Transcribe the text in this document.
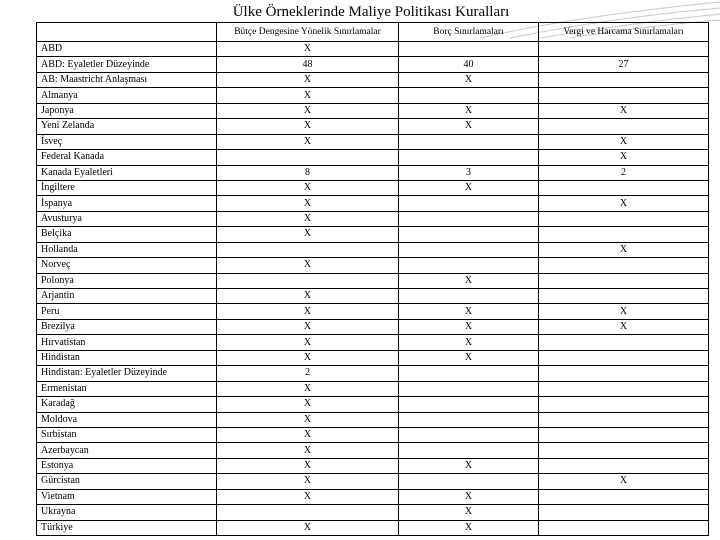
Ülke Örneklerinde Maliye Politikası Kuralları
	Bütçe Dengesine Yönelik Sınırlamalar	Borç Sınırlamaları	Vergi ve Harcama Sınırlamaları
ABD	X		
ABD: Eyaletler Düzeyinde	48	40	27
AB: Maastricht Anlaşması	X	X	
Almanya	X		
Japonya	X	X	X
Yeni Zelanda	X	X	
İsveç	X		X
Federal Kanada			X
Kanada Eyaletleri	8	3	2
İngiltere	X	X	
İspanya	X		X
Avusturya	X		
Belçika	X		
Hollanda			X
Norveç	X		
Polonya		X	
Arjantin	X		
Peru	X	X	X
Brezilya	X	X	X
Hırvatistan	X	X	
Hindistan	X	X	
Hindistan: Eyaletler Düzeyinde	2		
Ermenistan	X		
Karadağ	X		
Moldova	X		
Sırbistan	X		
Azerbaycan	X		
Estonya	X	X	
Gürcistan	X		X
Vietnam	X	X	
Ukrayna		X	
Türkiye	X	X	
